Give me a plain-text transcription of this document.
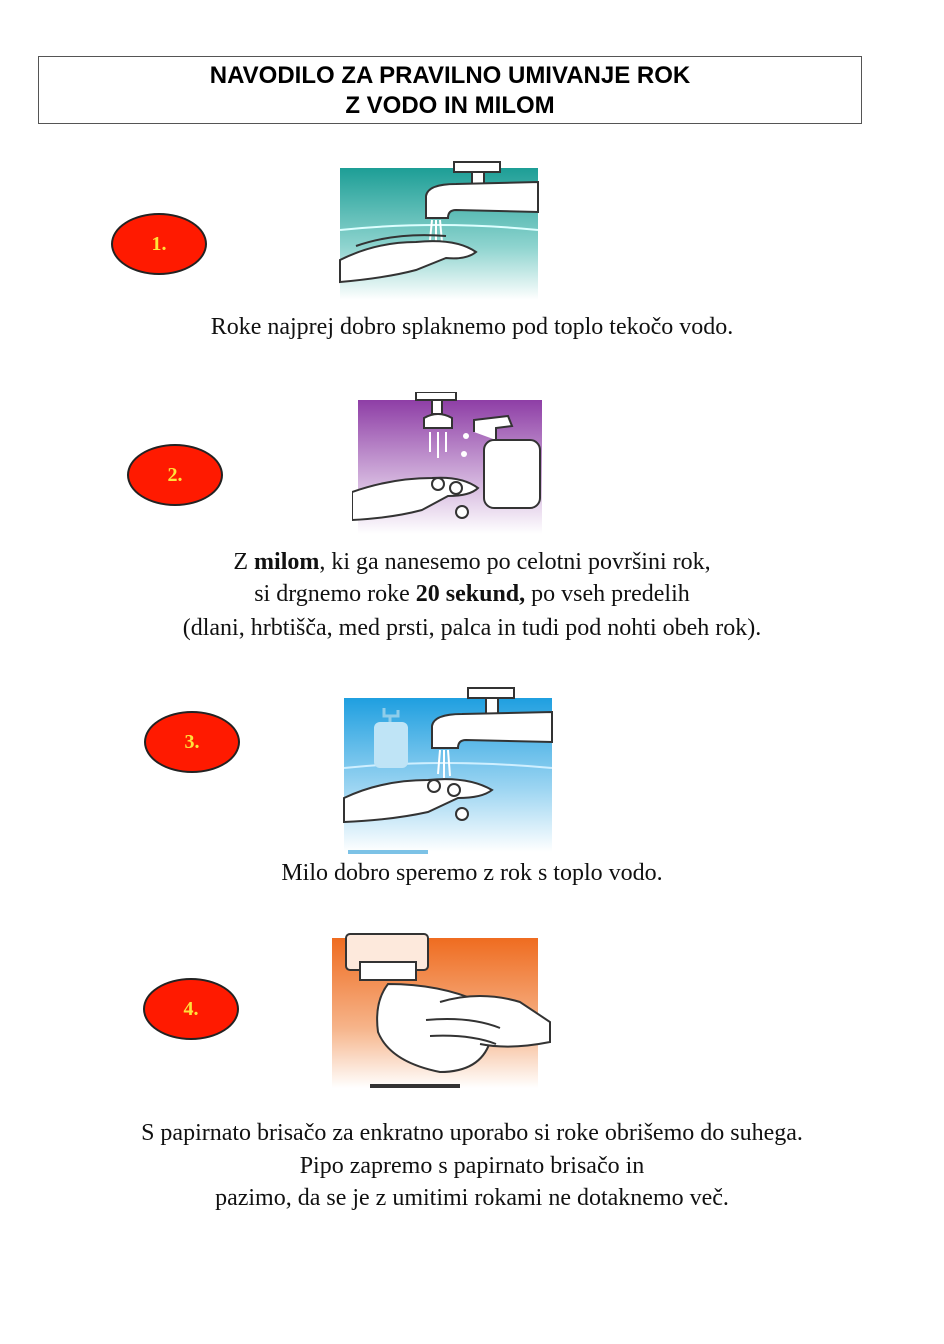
NAVODILO ZA PRAVILNO UMIVANJE ROK
Z VODO IN MILOM
1.
Roke najprej dobro splaknemo pod toplo tekočo vodo.
2.
Z milom, ki ga nanesemo po celotni površini rok,
si drgnemo roke 20 sekund, po vseh predelih
(dlani, hrbtišča, med prsti, palca in tudi pod nohti obeh rok).
3.
Milo dobro speremo z rok s toplo vodo.
4.
S papirnato brisačo za enkratno uporabo si roke obrišemo do suhega.
Pipo zapremo s papirnato brisačo in
pazimo, da se je z umitimi rokami ne dotaknemo več.
